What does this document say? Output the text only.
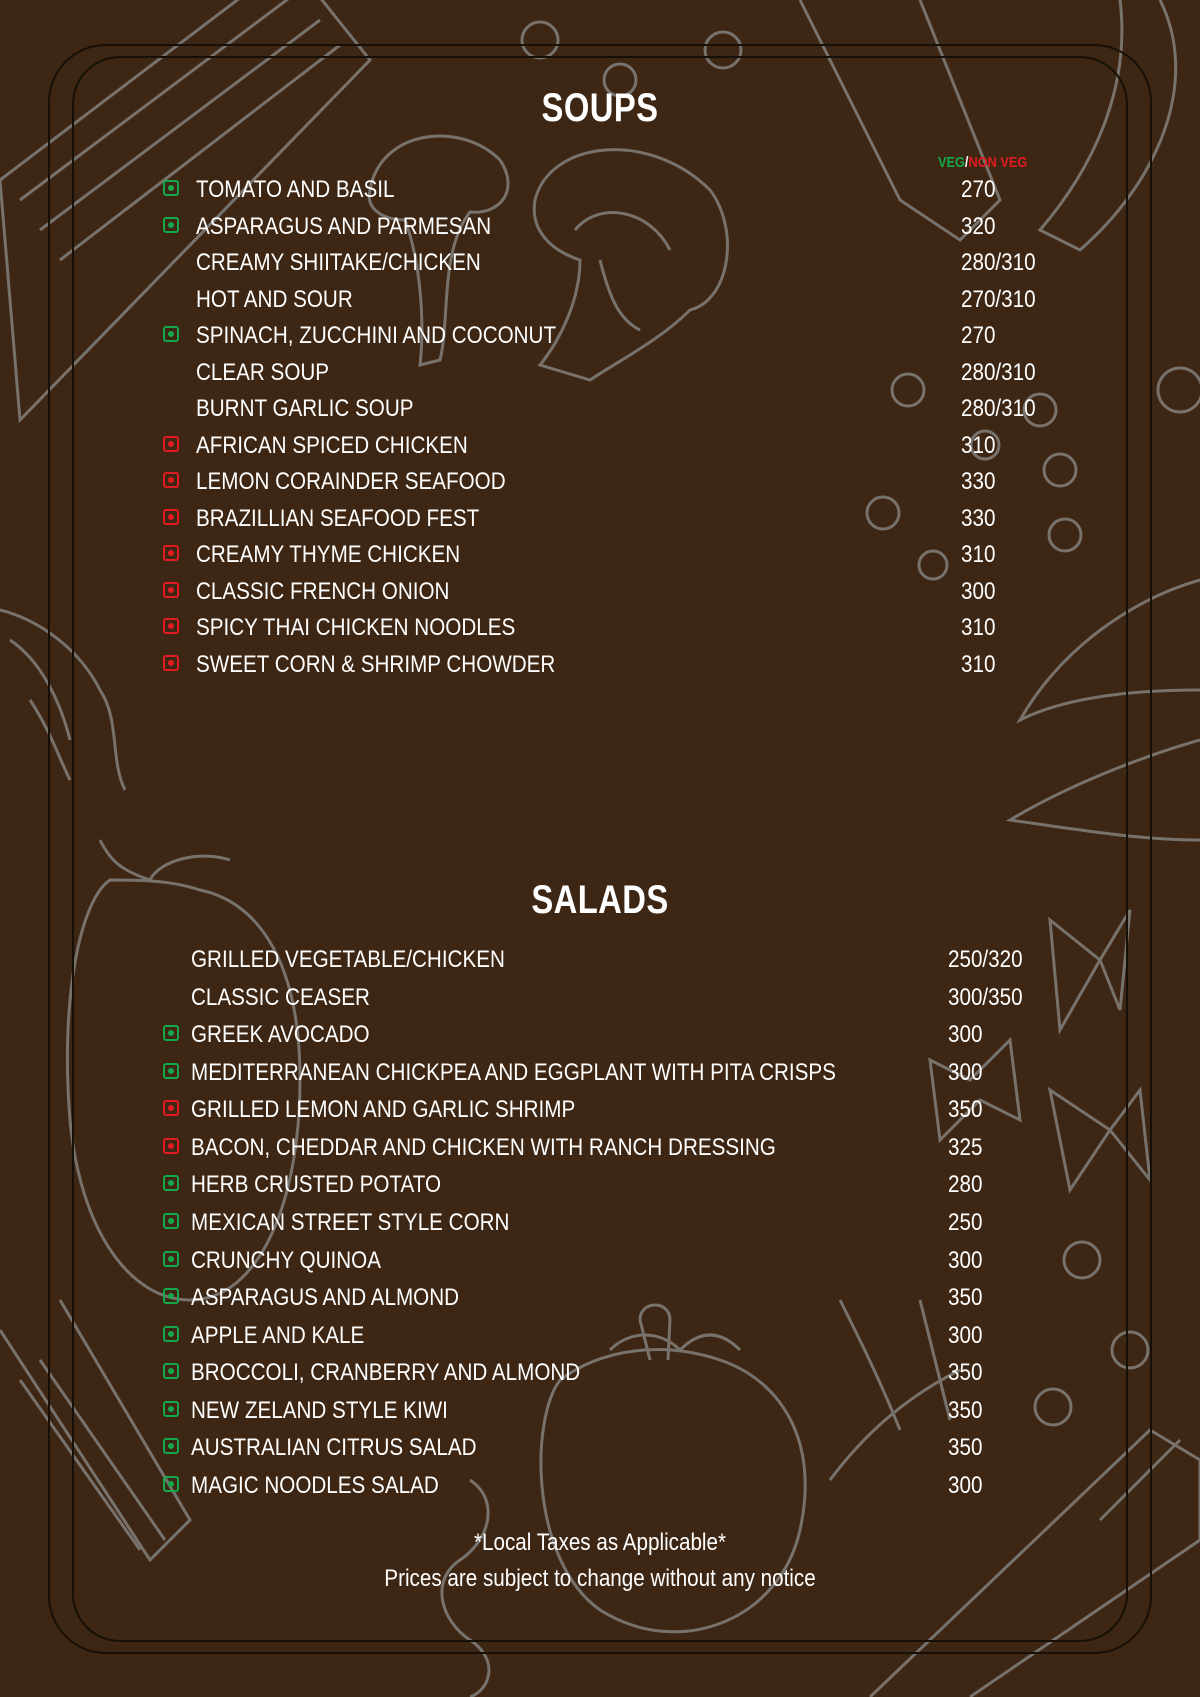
SOUPS
VEG/NON VEG
TOMATO AND BASIL	270
ASPARAGUS AND PARMESAN	320
CREAMY SHIITAKE/CHICKEN	280/310
HOT AND SOUR	270/310
SPINACH, ZUCCHINI AND COCONUT	270
CLEAR SOUP	280/310
BURNT GARLIC SOUP	280/310
AFRICAN SPICED CHICKEN	310
LEMON CORAINDER SEAFOOD	330
BRAZILLIAN SEAFOOD FEST	330
CREAMY THYME CHICKEN	310
CLASSIC FRENCH ONION	300
SPICY THAI CHICKEN NOODLES	310
SWEET CORN & SHRIMP CHOWDER	310
SALADS
GRILLED VEGETABLE/CHICKEN	250/320
CLASSIC CEASER	300/350
GREEK AVOCADO	300
MEDITERRANEAN CHICKPEA AND EGGPLANT WITH PITA CRISPS	300
GRILLED LEMON AND GARLIC SHRIMP	350
BACON, CHEDDAR AND CHICKEN WITH RANCH DRESSING	325
HERB CRUSTED POTATO	280
MEXICAN STREET STYLE CORN	250
CRUNCHY QUINOA	300
ASPARAGUS AND ALMOND	350
APPLE AND KALE	300
BROCCOLI, CRANBERRY AND ALMOND	350
NEW ZELAND STYLE KIWI	350
AUSTRALIAN CITRUS SALAD	350
MAGIC NOODLES SALAD	300
*Local Taxes as Applicable*
Prices are subject to change without any notice
